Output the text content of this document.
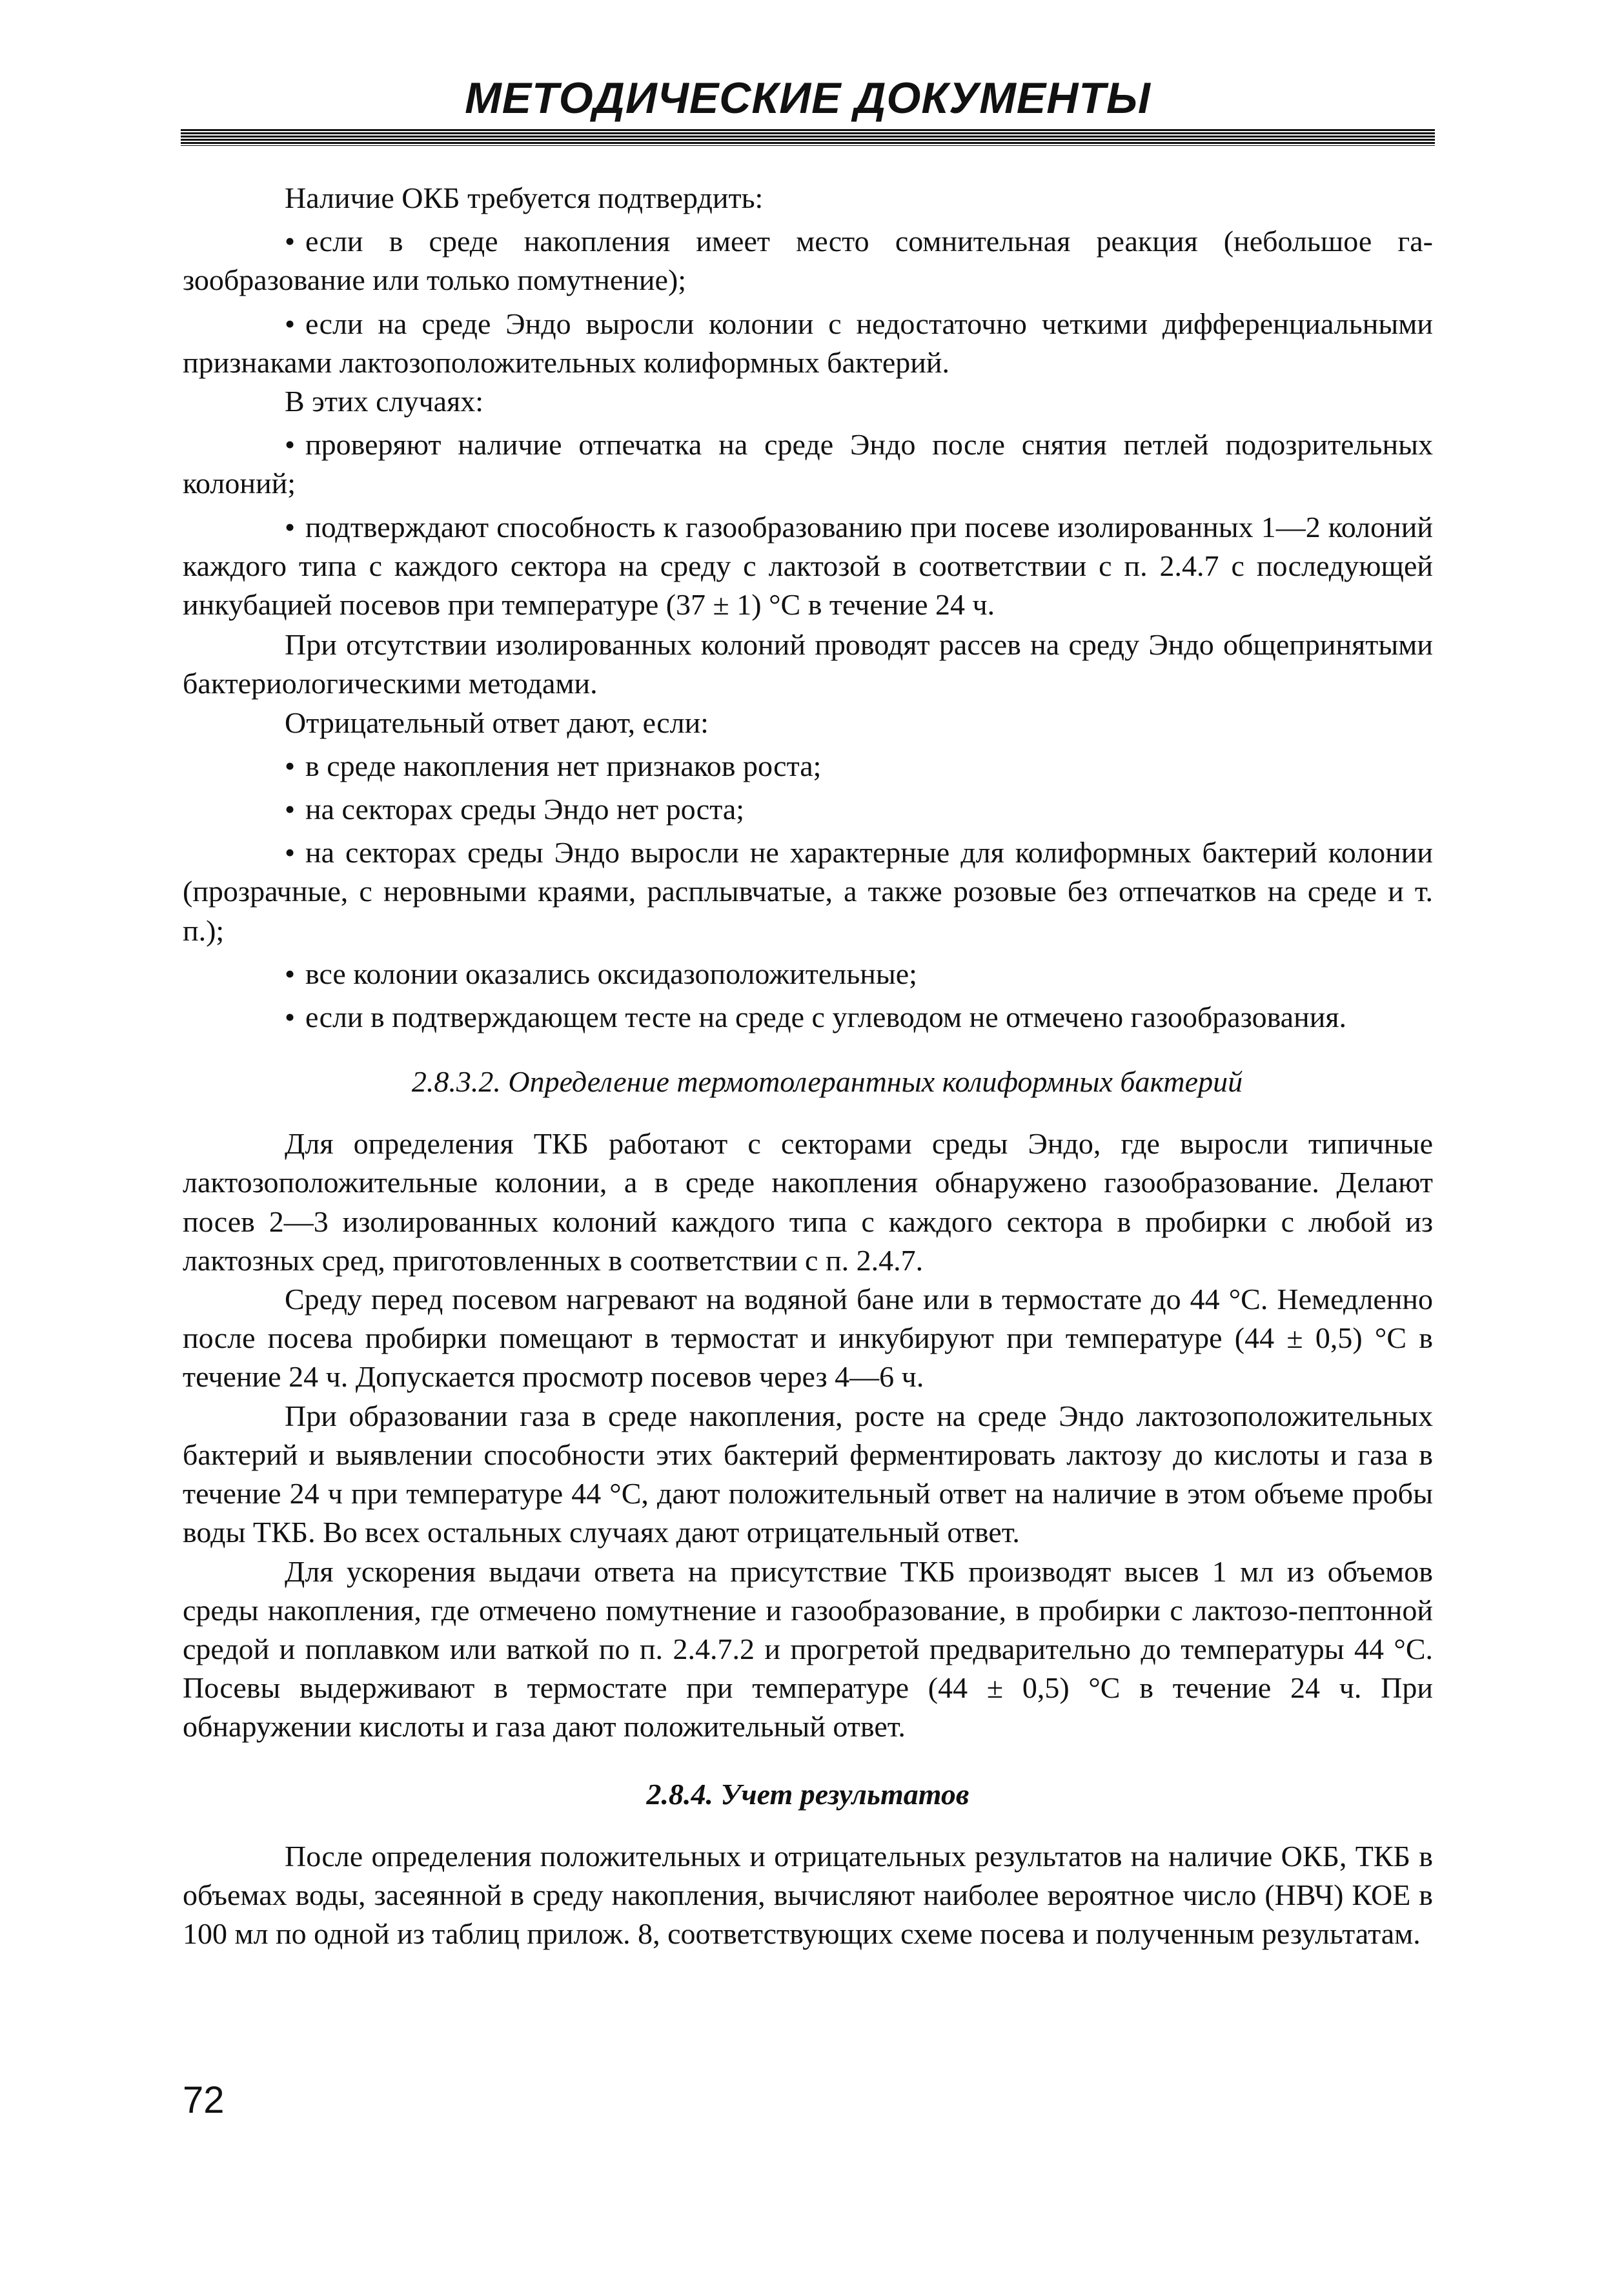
МЕТОДИЧЕСКИЕ ДОКУМЕНТЫ

Наличие ОКБ требуется подтвердить:

• если в среде накопления имеет место сомнительная реакция (небольшое газообразование или только помутнение);

• если на среде Эндо выросли колонии с недостаточно четкими дифференциальными признаками лактозоположительных колиформных бактерий.

В этих случаях:

• проверяют наличие отпечатка на среде Эндо после снятия петлей подозрительных колоний;

• подтверждают способность к газообразованию при посеве изолированных 1—2 колоний каждого типа с каждого сектора на среду с лактозой в соответствии с п. 2.4.7 с последующей инкубацией посевов при температуре (37 ± 1) °С в течение 24 ч.

При отсутствии изолированных колоний проводят рассев на среду Эндо общепринятыми бактериологическими методами.

Отрицательный ответ дают, если:

• в среде накопления нет признаков роста;

• на секторах среды Эндо нет роста;

• на секторах среды Эндо выросли не характерные для колиформных бактерий колонии (прозрачные, с неровными краями, расплывчатые, а также розовые без отпечатков на среде и т. п.);

• все колонии оказались оксидазоположительные;

• если в подтверждающем тесте на среде с углеводом не отмечено газообразования.

2.8.3.2. Определение термотолерантных колиформных бактерий

Для определения ТКБ работают с секторами среды Эндо, где выросли типичные лактозоположительные колонии, а в среде накопления обнаружено газообразование. Делают посев 2—3 изолированных колоний каждого типа с каждого сектора в пробирки с любой из лактозных сред, приготовленных в соответствии с п. 2.4.7.

Среду перед посевом нагревают на водяной бане или в термостате до 44 °С. Немедленно после посева пробирки помещают в термостат и инкубируют при температуре (44 ± 0,5) °С в течение 24 ч. Допускается просмотр посевов через 4—6 ч.

При образовании газа в среде накопления, росте на среде Эндо лактозоположительных бактерий и выявлении способности этих бактерий ферментировать лактозу до кислоты и газа в течение 24 ч при температуре 44 °С, дают положительный ответ на наличие в этом объеме пробы воды ТКБ. Во всех остальных случаях дают отрицательный ответ.

Для ускорения выдачи ответа на присутствие ТКБ производят высев 1 мл из объемов среды накопления, где отмечено помутнение и газообразование, в пробирки с лактозо-пептонной средой и поплавком или ваткой по п. 2.4.7.2 и прогретой предварительно до температуры 44 °С. Посевы выдерживают в термостате при температуре (44 ± 0,5) °С в течение 24 ч. При обнаружении кислоты и газа дают положительный ответ.

2.8.4. Учет результатов

После определения положительных и отрицательных результатов на наличие ОКБ, ТКБ в объемах воды, засеянной в среду накопления, вычисляют наиболее вероятное число (НВЧ) КОЕ в 100 мл по одной из таблиц прилож. 8, соответствующих схеме посева и полученным результатам.

72
